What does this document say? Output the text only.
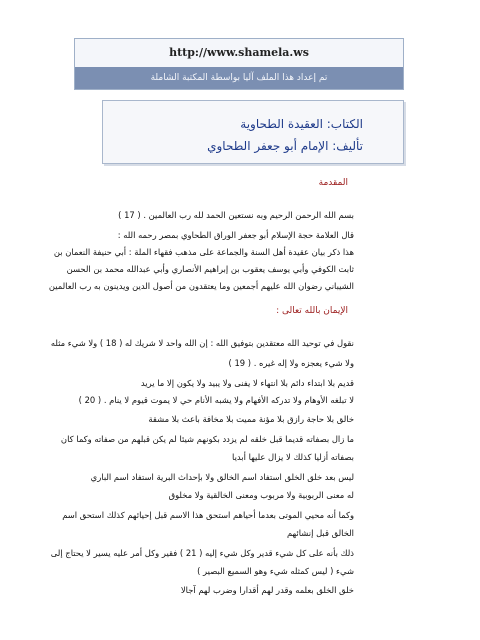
http://www.shamela.ws
تم إعداد هذا الملف آليا بواسطة المكتبة الشاملة
الكتاب: العقيدة الطحاوية
تأليف: الإمام أبو جعفر الطحاوي
المقدمة
بسم الله الرحمن الرحيم وبه نستعين الحمد لله رب العالمين . ( 17 )
قال العلامة حجة الإسلام أبو جعفر الوراق الطحاوي بمصر رحمه الله :
هذا ذكر بيان عقيدة أهل السنة والجماعة على مذهب فقهاء الملة : أبي حنيفة النعمان بن
ثابت الكوفي وأبي يوسف يعقوب بن إبراهيم الأنصاري وأبي عبدالله محمد بن الحسن
الشيباني رضوان الله عليهم أجمعين وما يعتقدون من أصول الدين ويدينون به رب العالمين
الإيمان بالله تعالى :
نقول في توحيد الله معتقدين بتوفيق الله : إن الله واحد لا شريك له ( 18 ) ولا شيء مثله
ولا شيء يعجزه ولا إله غيره . ( 19 )
قديم بلا ابتداء دائم بلا انتهاء لا يفنى ولا يبيد ولا يكون إلا ما يريد
لا تبلغه الأوهام ولا تدركه الأفهام ولا يشبه الأنام حي لا يموت قيوم لا ينام . ( 20 )
خالق بلا حاجة رازق بلا مؤنة مميت بلا مخافة باعث بلا مشقة
ما زال بصفاته قديما قبل خلقه لم يزدد بكونهم شيئا لم يكن قبلهم من صفاته وكما كان
بصفاته أزليا كذلك لا يزال عليها أبديا
ليس بعد خلق الخلق استفاد اسم الخالق ولا بإحداث البرية استفاد اسم الباري
له معنى الربوبية ولا مربوب ومعنى الخالقية ولا مخلوق
وكما أنه محيي الموتى بعدما أحياهم استحق هذا الاسم قبل إحيائهم كذلك استحق اسم
الخالق قبل إنشائهم
ذلك بأنه على كل شيء قدير وكل شيء إليه ( 21 ) فقير وكل أمر عليه يسير لا يحتاج إلى
شيء ( ليس كمثله شيء وهو السميع البصير )
خلق الخلق بعلمه وقدر لهم أقدارا وضرب لهم آجالا
